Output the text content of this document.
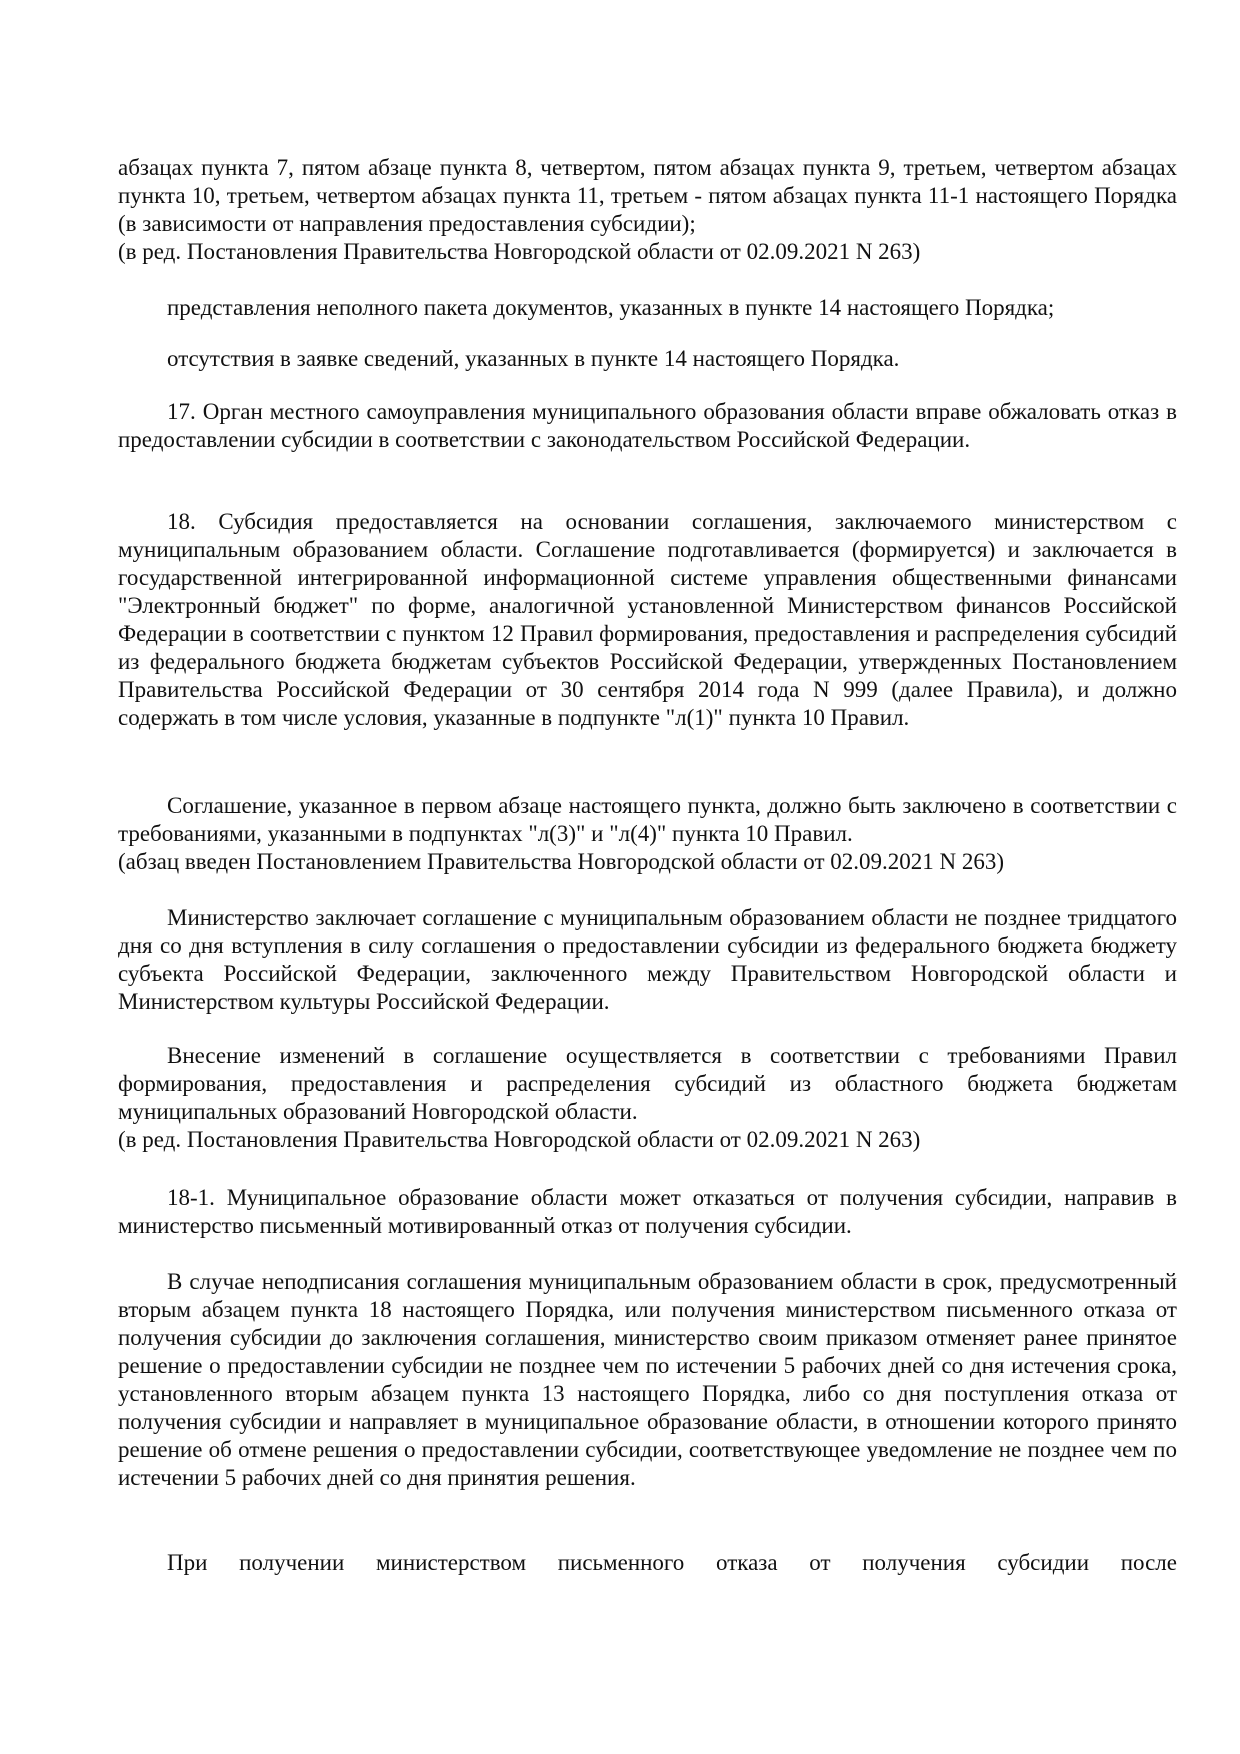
абзацах пункта 7, пятом абзаце пункта 8, четвертом, пятом абзацах пункта 9, третьем, четвертом абзацах пункта 10, третьем, четвертом абзацах пункта 11, третьем - пятом абзацах пункта 11-1 настоящего Порядка (в зависимости от направления предоставления субсидии);

(в ред. Постановления Правительства Новгородской области от 02.09.2021 N 263)

представления неполного пакета документов, указанных в пункте 14 настоящего Порядка;

отсутствия в заявке сведений, указанных в пункте 14 настоящего Порядка.

17. Орган местного самоуправления муниципального образования области вправе обжаловать отказ в предоставлении субсидии в соответствии с законодательством Российской Федерации.

18. Субсидия предоставляется на основании соглашения, заключаемого министерством с муниципальным образованием области. Соглашение подготавливается (формируется) и заключается в государственной интегрированной информационной системе управления общественными финансами "Электронный бюджет" по форме, аналогичной установленной Министерством финансов Российской Федерации в соответствии с пунктом 12 Правил формирования, предоставления и распределения субсидий из федерального бюджета бюджетам субъектов Российской Федерации, утвержденных Постановлением Правительства Российской Федерации от 30 сентября 2014 года N 999 (далее Правила), и должно содержать в том числе условия, указанные в подпункте "л(1)" пункта 10 Правил.

Соглашение, указанное в первом абзаце настоящего пункта, должно быть заключено в соответствии с требованиями, указанными в подпунктах "л(3)" и "л(4)" пункта 10 Правил.

(абзац введен Постановлением Правительства Новгородской области от 02.09.2021 N 263)

Министерство заключает соглашение с муниципальным образованием области не позднее тридцатого дня со дня вступления в силу соглашения о предоставлении субсидии из федерального бюджета бюджету субъекта Российской Федерации, заключенного между Правительством Новгородской области и Министерством культуры Российской Федерации.

Внесение изменений в соглашение осуществляется в соответствии с требованиями Правил формирования, предоставления и распределения субсидий из областного бюджета бюджетам муниципальных образований Новгородской области.

(в ред. Постановления Правительства Новгородской области от 02.09.2021 N 263)

18-1. Муниципальное образование области может отказаться от получения субсидии, направив в министерство письменный мотивированный отказ от получения субсидии.

В случае неподписания соглашения муниципальным образованием области в срок, предусмотренный вторым абзацем пункта 18 настоящего Порядка, или получения министерством письменного отказа от получения субсидии до заключения соглашения, министерство своим приказом отменяет ранее принятое решение о предоставлении субсидии не позднее чем по истечении 5 рабочих дней со дня истечения срока, установленного вторым абзацем пункта 13 настоящего Порядка, либо со дня поступления отказа от получения субсидии и направляет в муниципальное образование области, в отношении которого принято решение об отмене решения о предоставлении субсидии, соответствующее уведомление не позднее чем по истечении 5 рабочих дней со дня принятия решения.

При получении министерством письменного отказа от получения субсидии после
